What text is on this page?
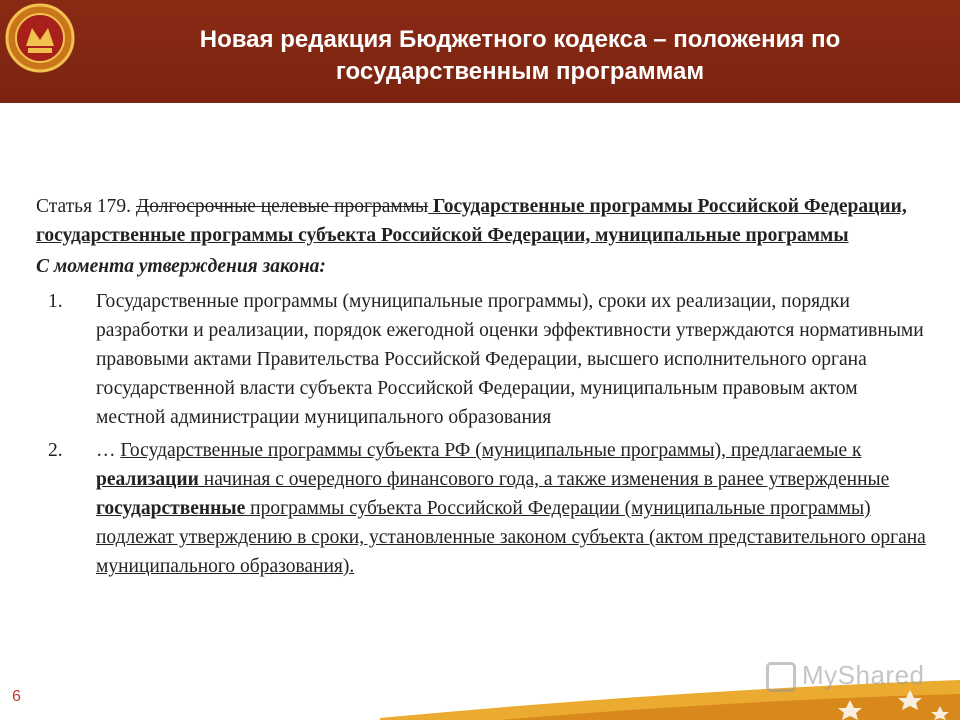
Новая редакция Бюджетного кодекса – положения по
государственным программам
Статья 179. Долгосрочные целевые программы Государственные программы Российской Федерации, государственные программы субъекта Российской Федерации, муниципальные программы
С момента утверждения закона:
1. Государственные программы (муниципальные программы), сроки их реализации, порядки разработки и реализации, порядок ежегодной оценки эффективности утверждаются нормативными правовыми актами Правительства Российской Федерации, высшего исполнительного органа государственной власти субъекта Российской Федерации, муниципальным правовым актом местной администрации муниципального образования
2. … Государственные программы субъекта РФ (муниципальные программы), предлагаемые к реализации начиная с очередного финансового года, а также изменения в ранее утвержденные государственные программы субъекта Российской Федерации (муниципальные программы) подлежат утверждению в сроки, установленные законом субъекта (актом представительного органа муниципального образования).
MyShared
6
